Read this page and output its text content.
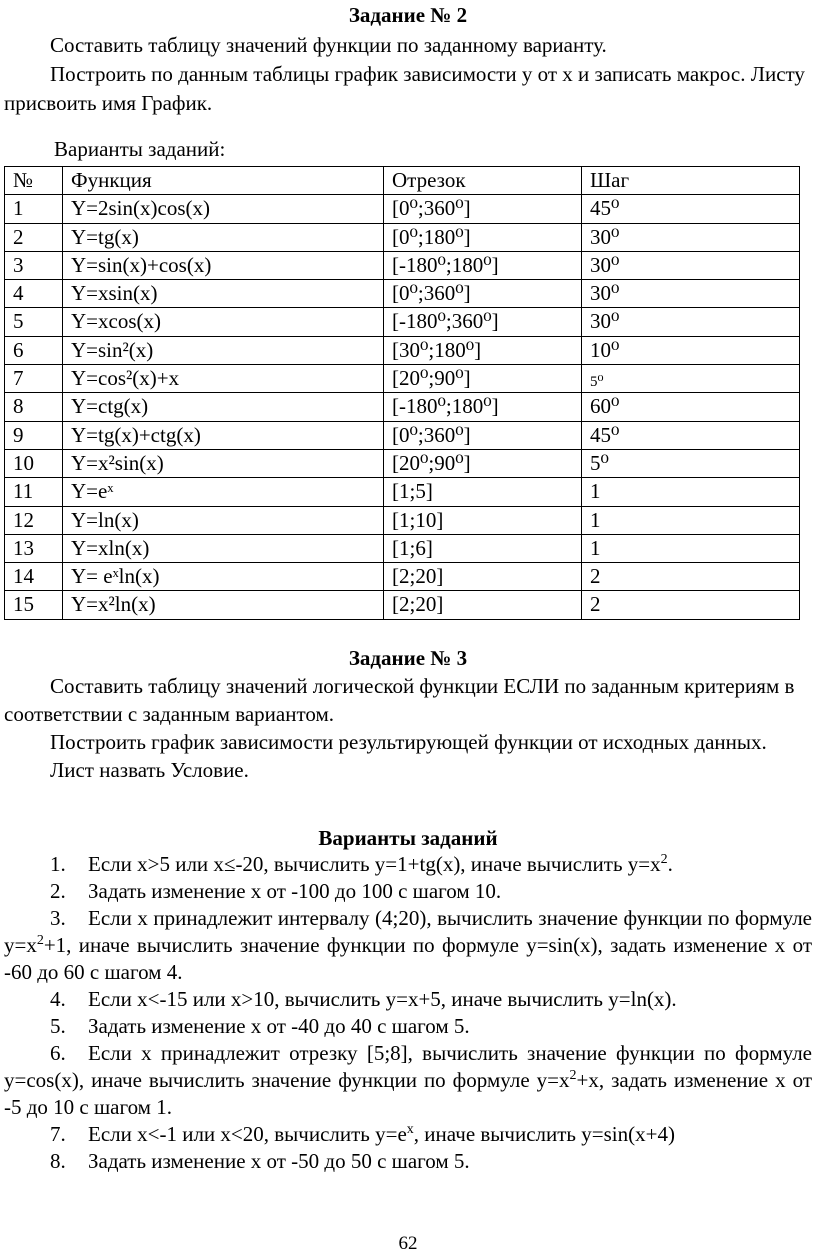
Задание № 2

Составить таблицу значений функции по заданному варианту.

Построить по данным таблицы график зависимости у от х и записать макрос. Листу присвоить имя График.

Варианты заданий:

№	Функция	Отрезок	Шаг
1	Y=2sin(x)cos(x)	[0⁰;360⁰]	45⁰
2	Y=tg(x)	[0⁰;180⁰]	30⁰
3	Y=sin(x)+cos(x)	[-180⁰;180⁰]	30⁰
4	Y=xsin(x)	[0⁰;360⁰]	30⁰
5	Y=xcos(x)	[-180⁰;360⁰]	30⁰
6	Y=sin²(x)	[30⁰;180⁰]	10⁰
7	Y=cos²(x)+x	[20⁰;90⁰]	5⁰
8	Y=ctg(x)	[-180⁰;180⁰]	60⁰
9	Y=tg(x)+ctg(x)	[0⁰;360⁰]	45⁰
10	Y=x²sin(x)	[20⁰;90⁰]	5⁰
11	Y=eˣ	[1;5]	1
12	Y=ln(x)	[1;10]	1
13	Y=xln(x)	[1;6]	1
14	Y= eˣln(x)	[2;20]	2
15	Y=x²ln(x)	[2;20]	2

Задание № 3

Составить таблицу значений логической функции ЕСЛИ по заданным критериям в соответствии с заданным вариантом.

Построить график зависимости результирующей функции от исходных данных.

Лист назвать Условие.

Варианты заданий

1. Если x>5 или x≤-20, вычислить y=1+tg(x), иначе вычислить $y=x^2$.

2. Задать изменение x от -100 до 100 с шагом 10.

3. Если x принадлежит интервалу (4;20), вычислить значение функции по формуле $y=x^2+1$, иначе вычислить значение функции по формуле y=sin(x), задать изменение x от -60 до 60 с шагом 4.

4. Если x<-15 или x>10, вычислить y=x+5, иначе вычислить y=ln(x).

5. Задать изменение x от -40 до 40 с шагом 5.

6. Если x принадлежит отрезку [5;8], вычислить значение функции по формуле y=cos(x), иначе вычислить значение функции по формуле $y=x^2+x$, задать изменение x от -5 до 10 с шагом 1.

7. Если x<-1 или x<20, вычислить $y=e^x$, иначе вычислить y=sin(x+4)

8. Задать изменение x от -50 до 50 с шагом 5.

62
